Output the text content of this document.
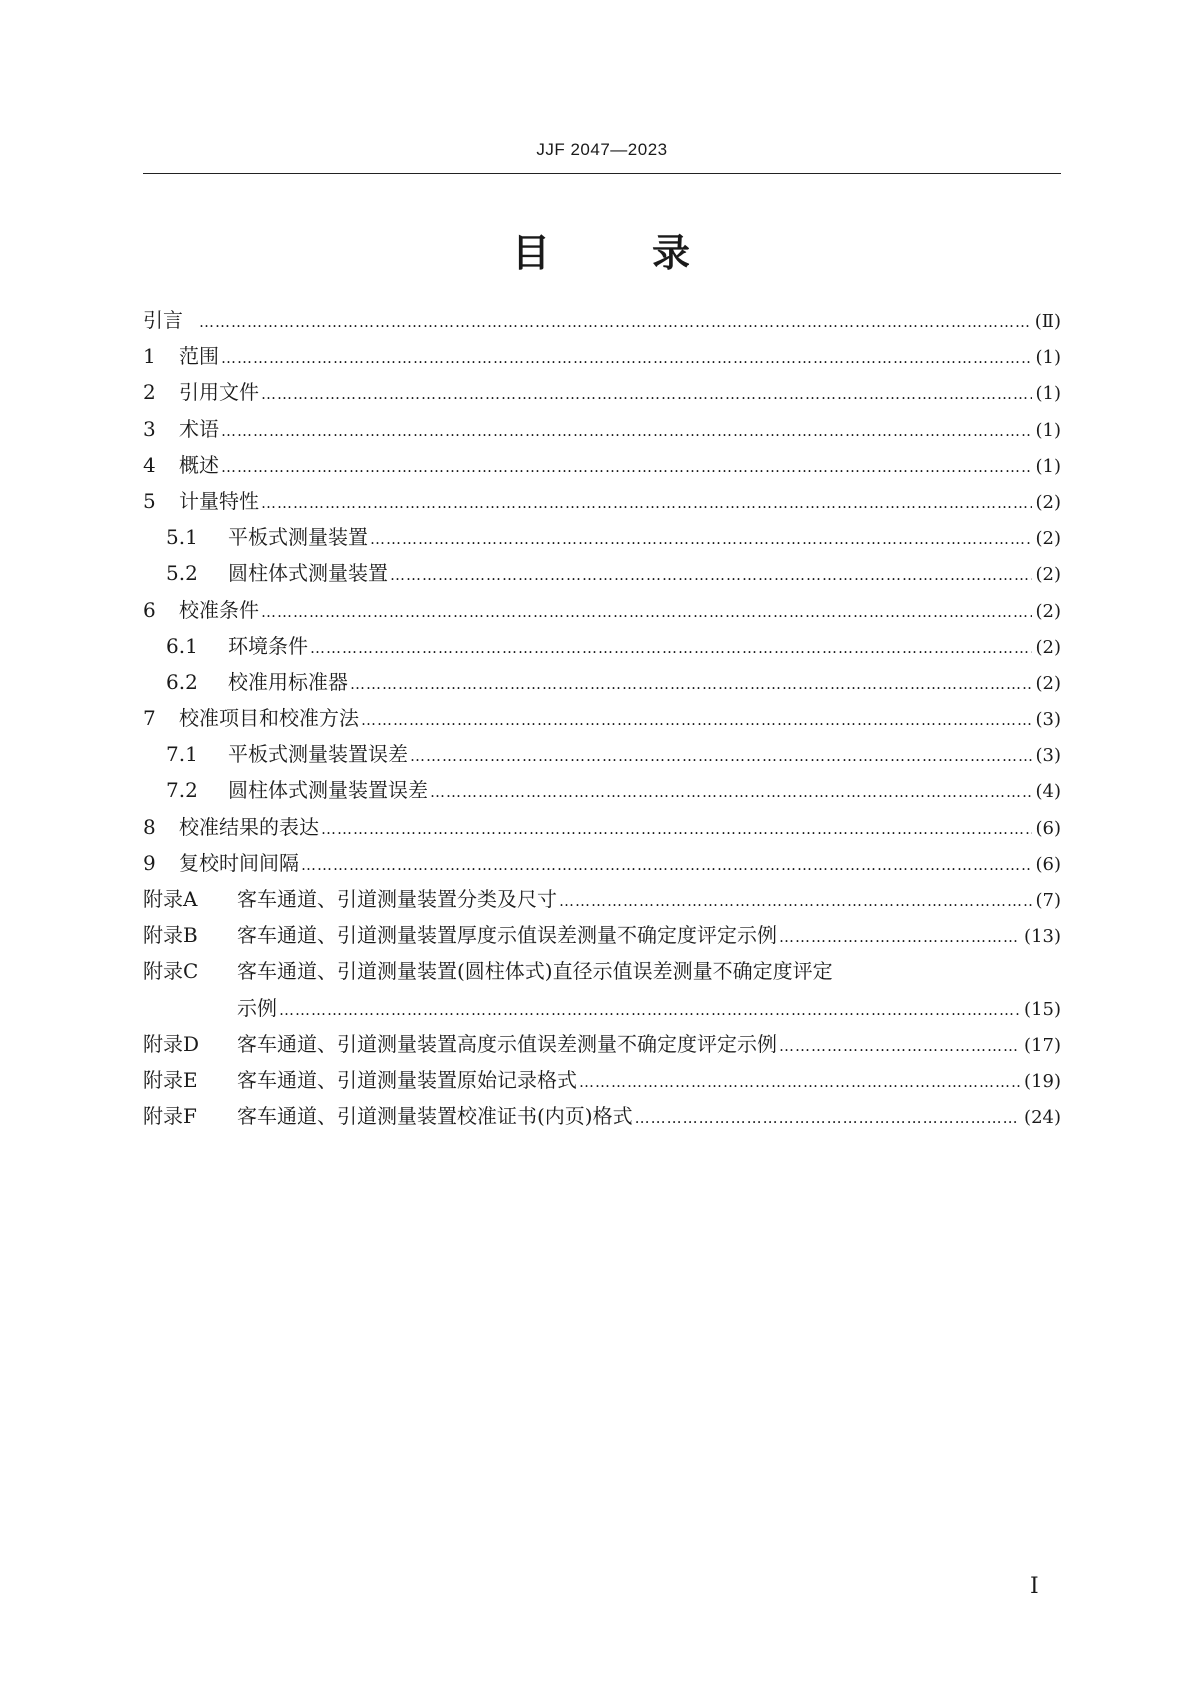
JJF 2047—2023
目	录
引言 ……………………………………………………………………………………………………………………………………………………………………………………………………	(Ⅱ)
1	范围 ……………………………………………………………………………………………………………………………………………………………………………………………………	(1)
2	引用文件 ……………………………………………………………………………………………………………………………………………………………………………………………………	(1)
3	术语 ……………………………………………………………………………………………………………………………………………………………………………………………………	(1)
4	概述 ……………………………………………………………………………………………………………………………………………………………………………………………………	(1)
5	计量特性 ……………………………………………………………………………………………………………………………………………………………………………………………………	(2)
5.1	平板式测量装置 ……………………………………………………………………………………………………………………………………………………………………………………………………	(2)
5.2	圆柱体式测量装置 ……………………………………………………………………………………………………………………………………………………………………………………………………	(2)
6	校准条件 ……………………………………………………………………………………………………………………………………………………………………………………………………	(2)
6.1	环境条件 ……………………………………………………………………………………………………………………………………………………………………………………………………	(2)
6.2	校准用标准器 ……………………………………………………………………………………………………………………………………………………………………………………………………	(2)
7	校准项目和校准方法 ……………………………………………………………………………………………………………………………………………………………………………………………………	(3)
7.1	平板式测量装置误差 ……………………………………………………………………………………………………………………………………………………………………………………………………	(3)
7.2	圆柱体式测量装置误差 ……………………………………………………………………………………………………………………………………………………………………………………………………	(4)
8	校准结果的表达 ……………………………………………………………………………………………………………………………………………………………………………………………………	(6)
9	复校时间间隔 ……………………………………………………………………………………………………………………………………………………………………………………………………	(6)
附录A	客车通道、引道测量装置分类及尺寸 ……………………………………………………………………………………………………………………………………………………………………………………………………	(7)
附录B	客车通道、引道测量装置厚度示值误差测量不确定度评定示例 ……………………………………………………………………………………………………………………………………………………………………………………………………	(13)
附录C	客车通道、引道测量装置(圆柱体式)直径示值误差测量不确定度评定
示例 ……………………………………………………………………………………………………………………………………………………………………………………………………	(15)
附录D	客车通道、引道测量装置高度示值误差测量不确定度评定示例 ……………………………………………………………………………………………………………………………………………………………………………………………………	(17)
附录E	客车通道、引道测量装置原始记录格式 ……………………………………………………………………………………………………………………………………………………………………………………………………	(19)
附录F	客车通道、引道测量装置校准证书(内页)格式 ……………………………………………………………………………………………………………………………………………………………………………………………………	(24)
I
